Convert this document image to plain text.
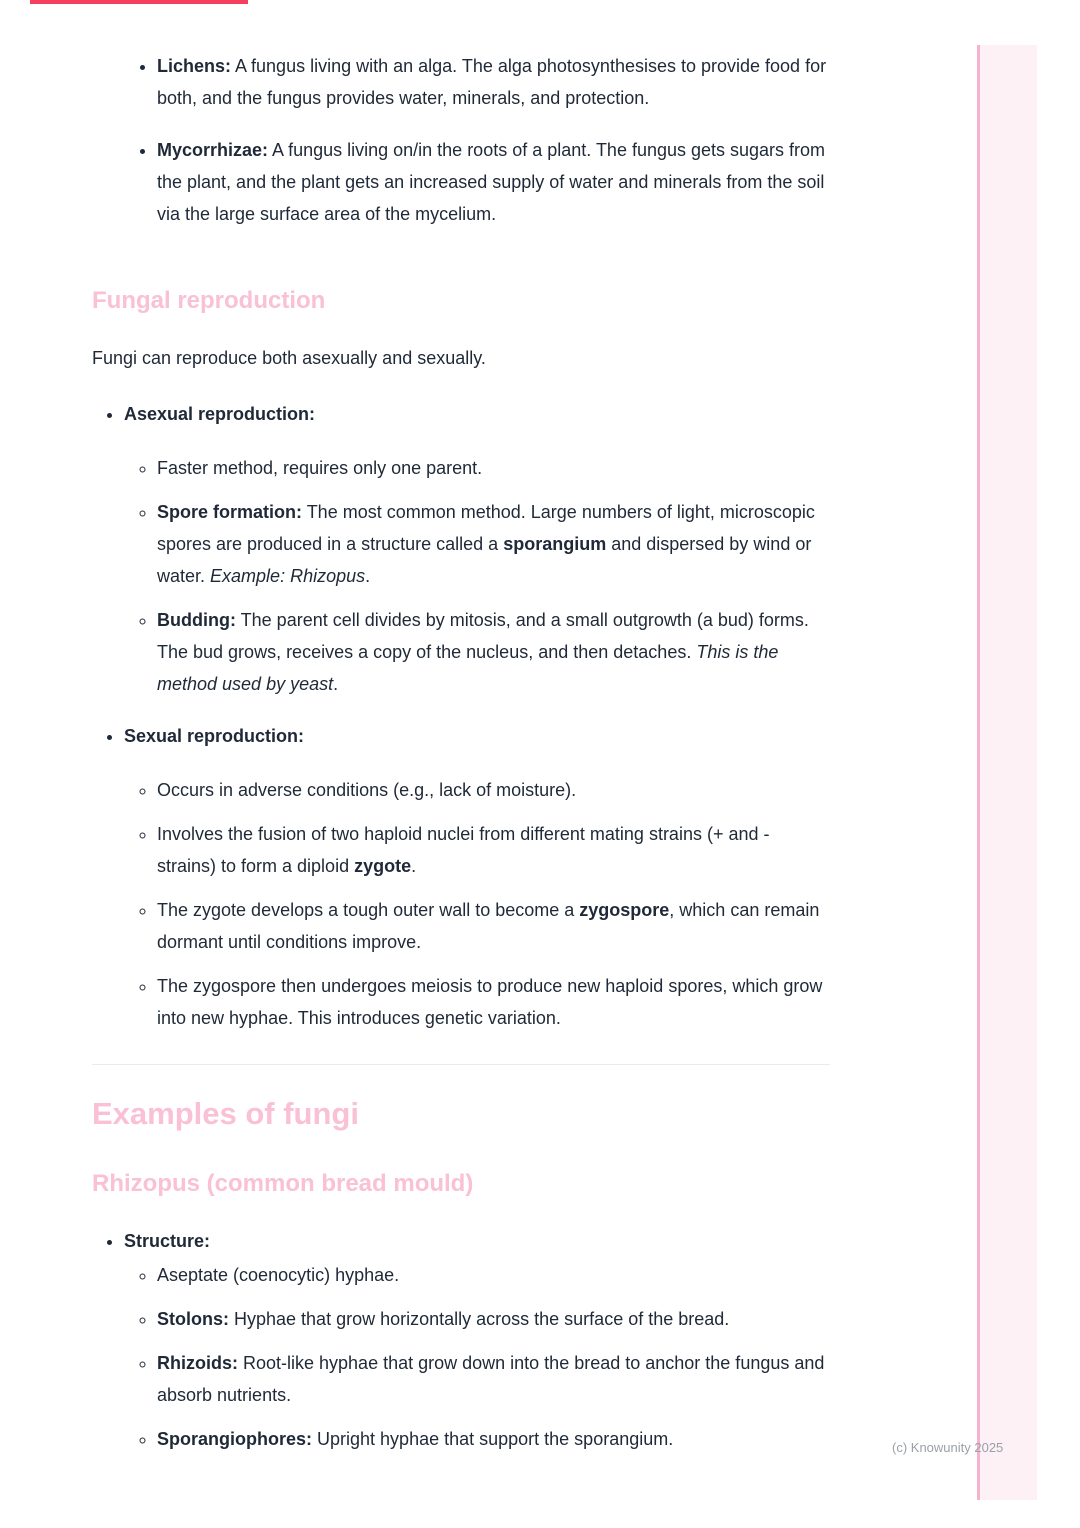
• Lichens: A fungus living with an alga. The alga photosynthesises to provide food for both, and the fungus provides water, minerals, and protection.
• Mycorrhizae: A fungus living on/in the roots of a plant. The fungus gets sugars from the plant, and the plant gets an increased supply of water and minerals from the soil via the large surface area of the mycelium.
Fungal reproduction

Fungi can reproduce both asexually and sexually.

• Asexual reproduction:
◦ Faster method, requires only one parent.
◦ Spore formation: The most common method. Large numbers of light, microscopic spores are produced in a structure called a sporangium and dispersed by wind or water. Example: Rhizopus.
◦ Budding: The parent cell divides by mitosis, and a small outgrowth (a bud) forms. The bud grows, receives a copy of the nucleus, and then detaches. This is the method used by yeast.
• Sexual reproduction:
◦ Occurs in adverse conditions (e.g., lack of moisture).
◦ Involves the fusion of two haploid nuclei from different mating strains (+ and - strains) to form a diploid zygote.
◦ The zygote develops a tough outer wall to become a zygospore, which can remain dormant until conditions improve.
◦ The zygospore then undergoes meiosis to produce new haploid spores, which grow into new hyphae. This introduces genetic variation.
Examples of fungi
Rhizopus (common bread mould)
• Structure:
◦ Aseptate (coenocytic) hyphae.
◦ Stolons: Hyphae that grow horizontally across the surface of the bread.
◦ Rhizoids: Root-like hyphae that grow down into the bread to anchor the fungus and absorb nutrients.
◦ Sporangiophores: Upright hyphae that support the sporangium.	(c) Knowunity 2025
